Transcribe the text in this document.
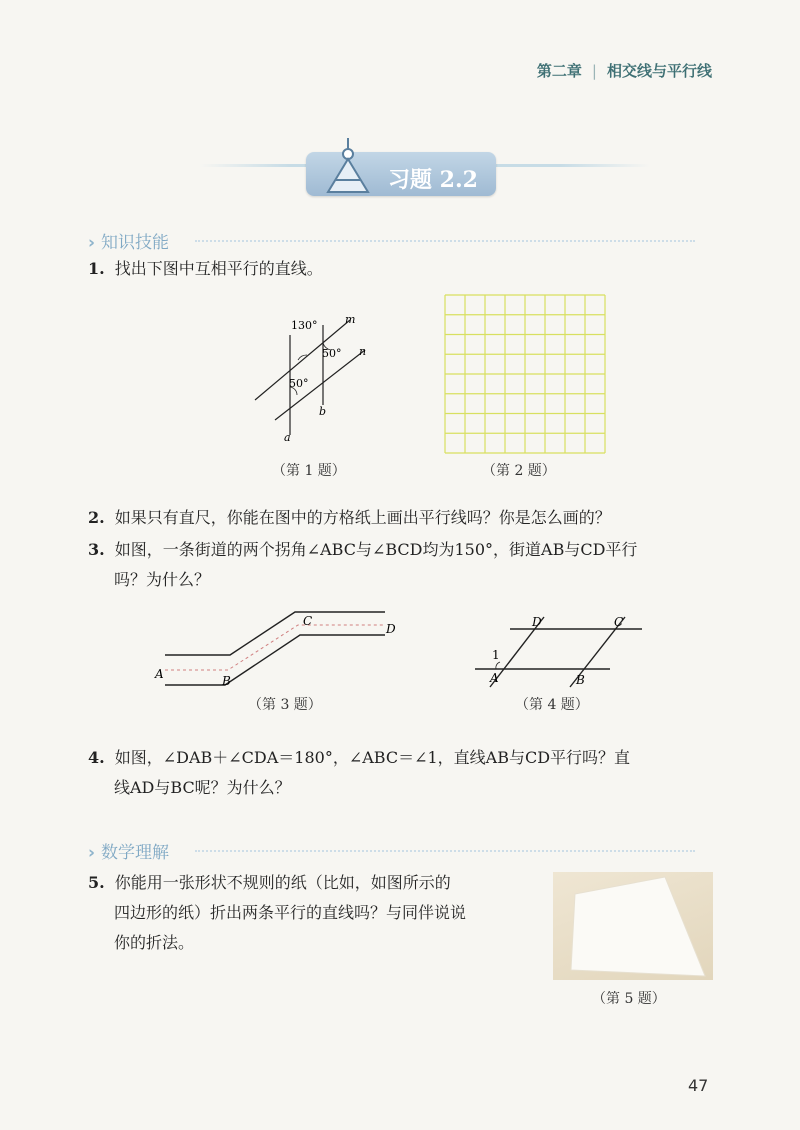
第二章 | 相交线与平行线
习题 2.2
› 知识技能
1. 找出下图中互相平行的直线。
130°
50°
50°
m
n
a
b
（第 1 题）	（第 2 题）
2. 如果只有直尺，你能在图中的方格纸上画出平行线吗？你是怎么画的？
3. 如图，一条街道的两个拐角∠ABC与∠BCD均为150°，街道AB与CD平行
吗？为什么？
A	B
C
D
（第 3 题）
1
A	B
C
D
（第 4 题）
4. 如图，∠DAB＋∠CDA＝180°，∠ABC＝∠1，直线AB与CD平行吗？直
线AD与BC呢？为什么？
› 数学理解
5. 你能用一张形状不规则的纸（比如，如图所示的
四边形的纸）折出两条平行的直线吗？与同伴说说
你的折法。
（第 5 题）
47
